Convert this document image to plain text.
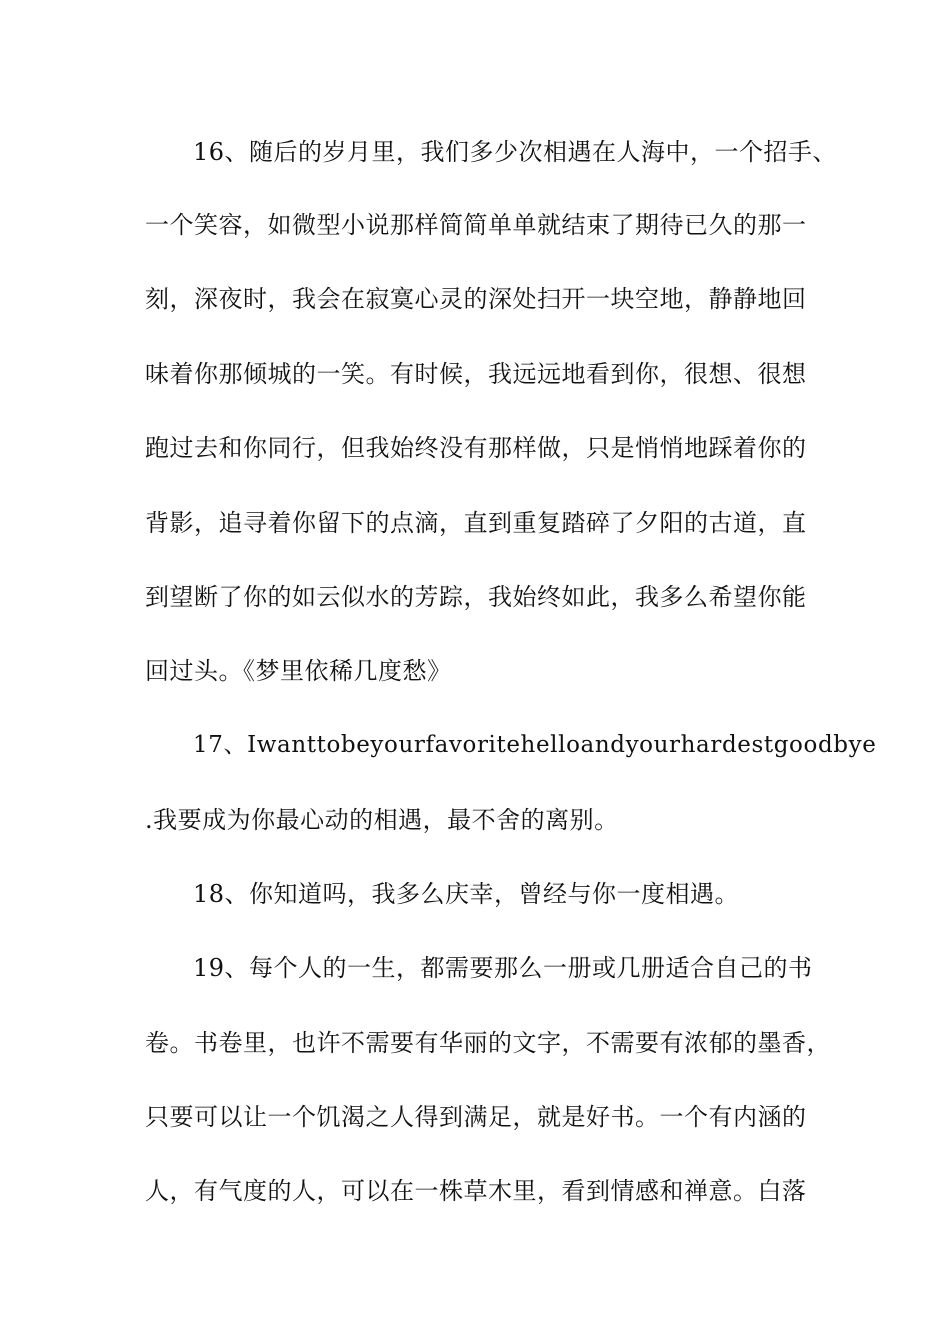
16、随后的岁月里，我们多少次相遇在人海中，一个招手、
一个笑容，如微型小说那样简简单单就结束了期待已久的那一
刻，深夜时，我会在寂寞心灵的深处扫开一块空地，静静地回
味着你那倾城的一笑。有时候，我远远地看到你，很想、很想
跑过去和你同行，但我始终没有那样做，只是悄悄地踩着你的
背影，追寻着你留下的点滴，直到重复踏碎了夕阳的古道，直
到望断了你的如云似水的芳踪，我始终如此，我多么希望你能
回过头。《梦里依稀几度愁》
17、Iwanttobeyourfavoritehelloandyourhardestgoodbye
.我要成为你最心动的相遇，最不舍的离别。
18、你知道吗，我多么庆幸，曾经与你一度相遇。
19、每个人的一生，都需要那么一册或几册适合自己的书
卷。书卷里，也许不需要有华丽的文字，不需要有浓郁的墨香，
只要可以让一个饥渴之人得到满足，就是好书。一个有内涵的
人，有气度的人，可以在一株草木里，看到情感和禅意。白落
